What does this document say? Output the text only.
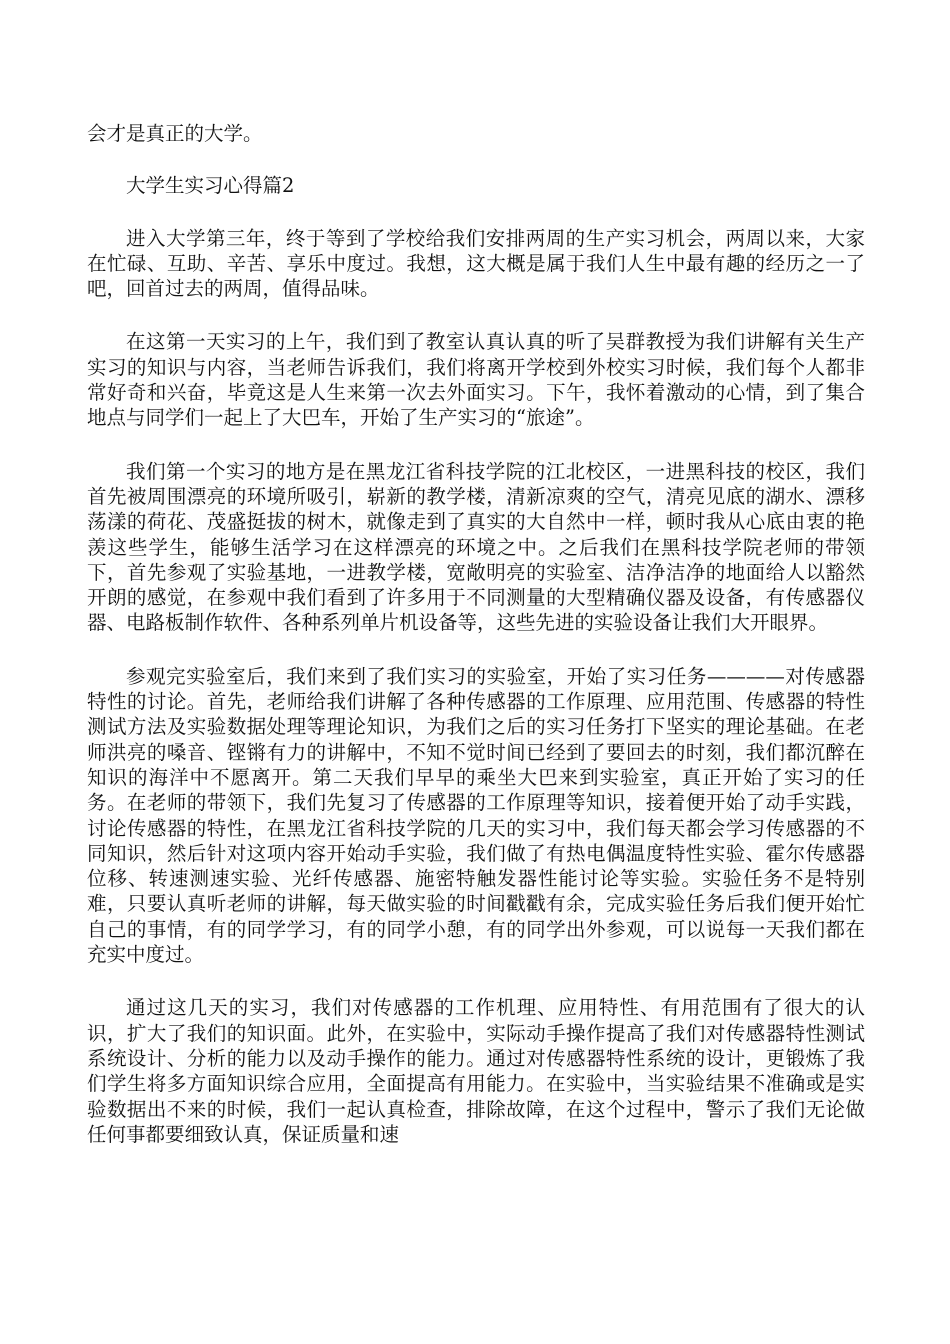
会才是真正的大学。

大学生实习心得篇2

进入大学第三年，终于等到了学校给我们安排两周的生产实习机会，两周以来，大家在忙碌、互助、辛苦、享乐中度过。我想，这大概是属于我们人生中最有趣的经历之一了吧，回首过去的两周，值得品味。

在这第一天实习的上午，我们到了教室认真认真的听了吴群教授为我们讲解有关生产实习的知识与内容，当老师告诉我们，我们将离开学校到外校实习时候，我们每个人都非常好奇和兴奋，毕竟这是人生来第一次去外面实习。下午，我怀着激动的心情，到了集合地点与同学们一起上了大巴车，开始了生产实习的“旅途”。

我们第一个实习的地方是在黑龙江省科技学院的江北校区，一进黑科技的校区，我们首先被周围漂亮的环境所吸引，崭新的教学楼，清新凉爽的空气，清亮见底的湖水、漂移荡漾的荷花、茂盛挺拔的树木，就像走到了真实的大自然中一样，顿时我从心底由衷的艳羡这些学生，能够生活学习在这样漂亮的环境之中。之后我们在黑科技学院老师的带领下，首先参观了实验基地，一进教学楼，宽敞明亮的实验室、洁净洁净的地面给人以豁然开朗的感觉，在参观中我们看到了许多用于不同测量的大型精确仪器及设备，有传感器仪器、电路板制作软件、各种系列单片机设备等，这些先进的实验设备让我们大开眼界。

参观完实验室后，我们来到了我们实习的实验室，开始了实习任务————对传感器特性的讨论。首先，老师给我们讲解了各种传感器的工作原理、应用范围、传感器的特性测试方法及实验数据处理等理论知识，为我们之后的实习任务打下坚实的理论基础。在老师洪亮的嗓音、铿锵有力的讲解中，不知不觉时间已经到了要回去的时刻，我们都沉醉在知识的海洋中不愿离开。第二天我们早早的乘坐大巴来到实验室，真正开始了实习的任务。在老师的带领下，我们先复习了传感器的工作原理等知识，接着便开始了动手实践，讨论传感器的特性，在黑龙江省科技学院的几天的实习中，我们每天都会学习传感器的不同知识，然后针对这项内容开始动手实验，我们做了有热电偶温度特性实验、霍尔传感器位移、转速测速实验、光纤传感器、施密特触发器性能讨论等实验。实验任务不是特别难，只要认真听老师的讲解，每天做实验的时间戳戳有余，完成实验任务后我们便开始忙自己的事情，有的同学学习，有的同学小憩，有的同学出外参观，可以说每一天我们都在充实中度过。

通过这几天的实习，我们对传感器的工作机理、应用特性、有用范围有了很大的认识，扩大了我们的知识面。此外，在实验中，实际动手操作提高了我们对传感器特性测试系统设计、分析的能力以及动手操作的能力。通过对传感器特性系统的设计，更锻炼了我们学生将多方面知识综合应用，全面提高有用能力。在实验中，当实验结果不准确或是实验数据出不来的时候，我们一起认真检查，排除故障，在这个过程中，警示了我们无论做任何事都要细致认真，保证质量和速
